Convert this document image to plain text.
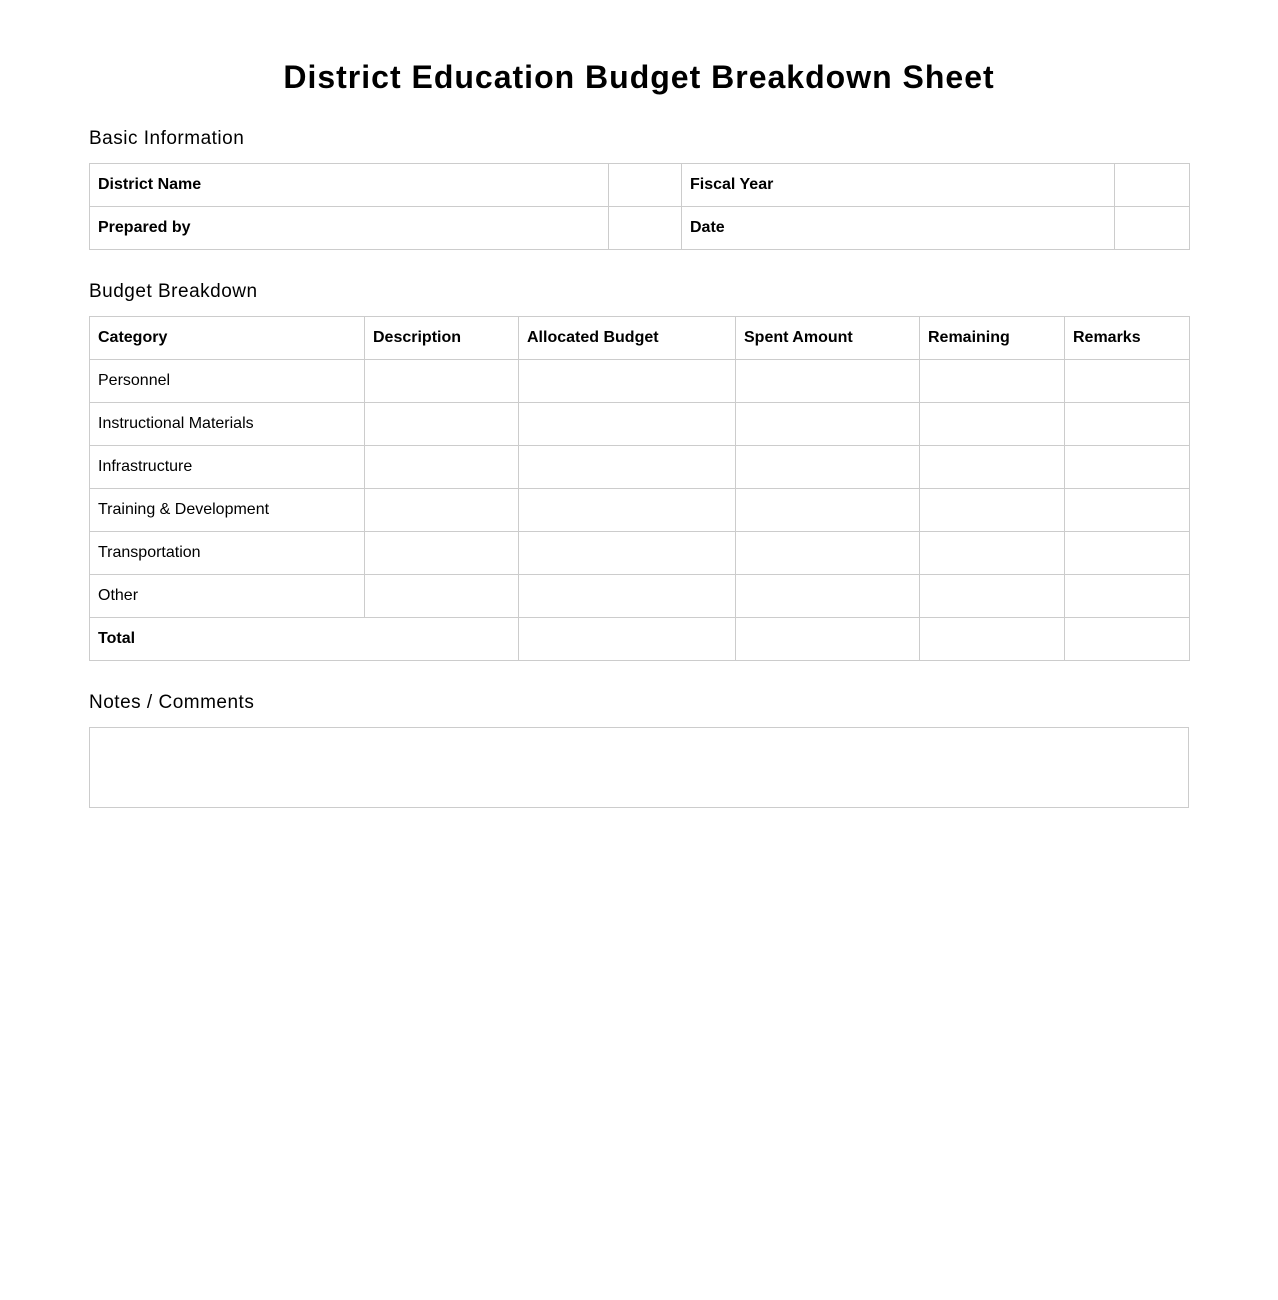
District Education Budget Breakdown Sheet
Basic Information
District Name		Fiscal Year	
Prepared by		Date	
Budget Breakdown
Category	Description	Allocated Budget	Spent Amount	Remaining	Remarks
Personnel					
Instructional Materials					
Infrastructure					
Training & Development					
Transportation					
Other					
Total					
Notes / Comments
